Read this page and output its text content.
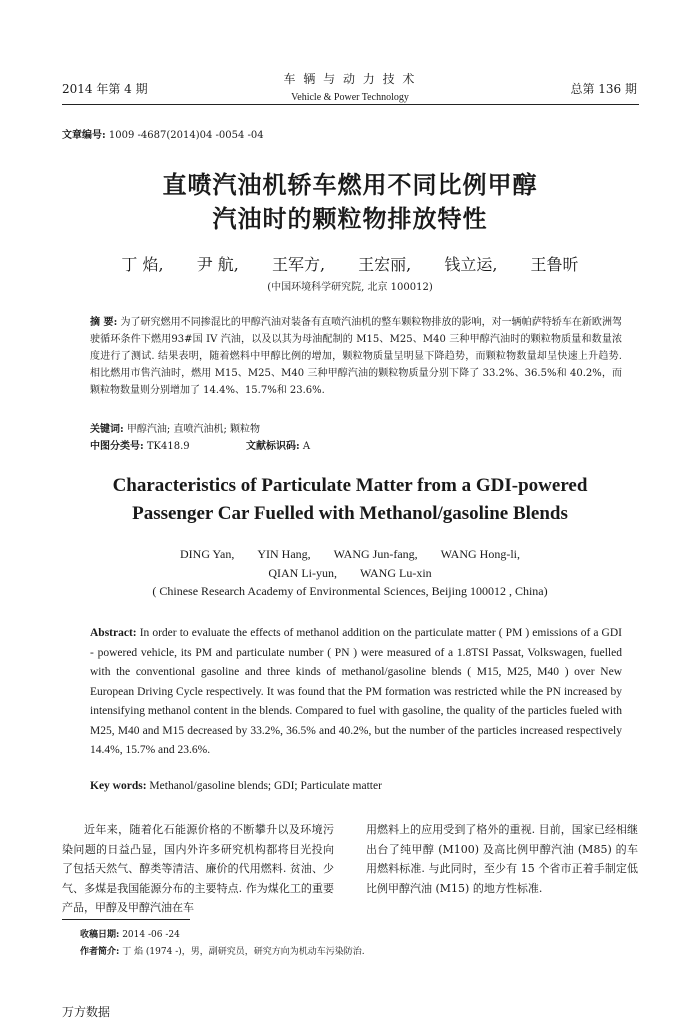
2014 年第 4 期
车 辆 与 动 力 技 术
Vehicle & Power Technology
总第 136 期
文章编号: 1009 -4687(2014)04 -0054 -04
直喷汽油机轿车燃用不同比例甲醇
汽油时的颗粒物排放特性
丁 焰, 尹 航, 王军方, 王宏丽, 钱立运, 王鲁昕
(中国环境科学研究院, 北京 100012)
摘 要: 为了研究燃用不同掺混比的甲醇汽油对装备有直喷汽油机的整车颗粒物排放的影响，对一辆帕萨特轿车在新欧洲驾驶循环条件下燃用93#国 IV 汽油，以及以其为母油配制的 M15、M25、M40 三种甲醇汽油时的颗粒物质量和数量浓度进行了测试. 结果表明，随着燃料中甲醇比例的增加，颗粒物质量呈明显下降趋势，而颗粒物数量却呈快速上升趋势. 相比燃用市售汽油时，燃用 M15、M25、M40 三种甲醇汽油的颗粒物质量分别下降了 33.2%、36.5%和 40.2%，而颗粒物数量则分别增加了 14.4%、15.7%和 23.6%.
关键词: 甲醇汽油; 直喷汽油机; 颗粒物
中图分类号: TK418.9	文献标识码: A
Characteristics of Particulate Matter from a GDI-powered
Passenger Car Fuelled with Methanol/gasoline Blends
DING Yan, YIN Hang, WANG Jun-fang, WANG Hong-li,
QIAN Li-yun, WANG Lu-xin
( Chinese Research Academy of Environmental Sciences, Beijing 100012 , China)
Abstract: In order to evaluate the effects of methanol addition on the particulate matter ( PM ) emissions of a GDI - powered vehicle, its PM and particulate number ( PN ) were measured of a 1.8TSI Passat, Volkswagen, fuelled with the conventional gasoline and three kinds of methanol/gasoline blends ( M15, M25, M40 ) over New European Driving Cycle respectively. It was found that the PM formation was restricted while the PN increased by intensifying methanol content in the blends. Compared to fuel with gasoline, the quality of the particles fueled with M25, M40 and M15 decreased by 33.2%, 36.5% and 40.2%, but the number of the particles increased respectively 14.4%, 15.7% and 23.6%.
Key words: Methanol/gasoline blends; GDI; Particulate matter
近年来，随着化石能源价格的不断攀升以及环境污染问题的日益凸显，国内外许多研究机构都将目光投向了包括天然气、醇类等清洁、廉价的代用燃料. 贫油、少气、多煤是我国能源分布的主要特点. 作为煤化工的重要产品，甲醇及甲醇汽油在车
用燃料上的应用受到了格外的重视. 目前，国家已经相继出台了纯甲醇 (M100) 及高比例甲醇汽油 (M85) 的车用燃料标准. 与此同时，至少有 15 个省市正着手制定低比例甲醇汽油 (M15) 的地方性标准.
收稿日期: 2014 -06 -24
作者简介: 丁 焰 (1974 -)，男，副研究员，研究方向为机动车污染防治.
万方数据
